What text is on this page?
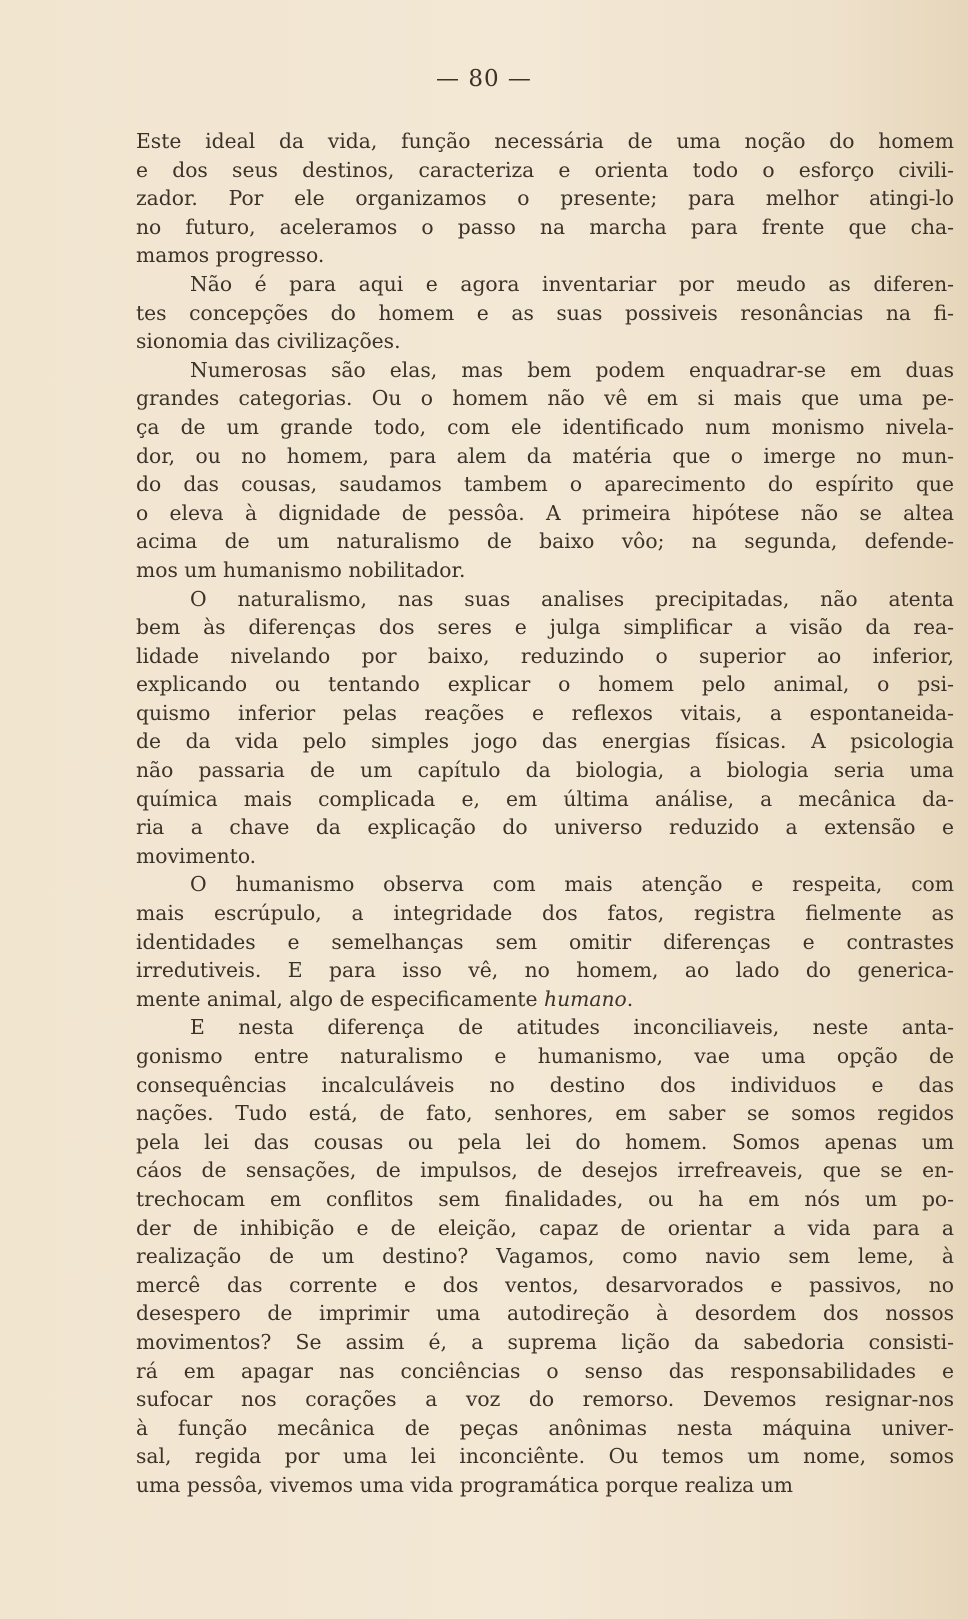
— 80 —
Este ideal da vida, função necessária de uma noção do homem
e dos seus destinos, caracteriza e orienta todo o esforço civili-
zador. Por ele organizamos o presente; para melhor atingi-lo
no futuro, aceleramos o passo na marcha para frente que cha-
mamos progresso.
Não é para aqui e agora inventariar por meudo as diferen-
tes concepções do homem e as suas possiveis resonâncias na fi-
sionomia das civilizações.
Numerosas são elas, mas bem podem enquadrar-se em duas
grandes categorias. Ou o homem não vê em si mais que uma pe-
ça de um grande todo, com ele identificado num monismo nivela-
dor, ou no homem, para alem da matéria que o imerge no mun-
do das cousas, saudamos tambem o aparecimento do espírito que
o eleva à dignidade de pessôa. A primeira hipótese não se altea
acima de um naturalismo de baixo vôo; na segunda, defende-
mos um humanismo nobilitador.
O naturalismo, nas suas analises precipitadas, não atenta
bem às diferenças dos seres e julga simplificar a visão da rea-
lidade nivelando por baixo, reduzindo o superior ao inferior,
explicando ou tentando explicar o homem pelo animal, o psi-
quismo inferior pelas reações e reflexos vitais, a espontaneida-
de da vida pelo simples jogo das energias físicas. A psicologia
não passaria de um capítulo da biologia, a biologia seria uma
química mais complicada e, em última análise, a mecânica da-
ria a chave da explicação do universo reduzido a extensão e
movimento.
O humanismo observa com mais atenção e respeita, com
mais escrúpulo, a integridade dos fatos, registra fielmente as
identidades e semelhanças sem omitir diferenças e contrastes
irredutiveis. E para isso vê, no homem, ao lado do generica-
mente animal, algo de especificamente humano.
E nesta diferença de atitudes inconciliaveis, neste anta-
gonismo entre naturalismo e humanismo, vae uma opção de
consequências incalculáveis no destino dos individuos e das
nações. Tudo está, de fato, senhores, em saber se somos regidos
pela lei das cousas ou pela lei do homem. Somos apenas um
cáos de sensações, de impulsos, de desejos irrefreaveis, que se en-
trechocam em conflitos sem finalidades, ou ha em nós um po-
der de inhibição e de eleição, capaz de orientar a vida para a
realização de um destino? Vagamos, como navio sem leme, à
mercê das corrente e dos ventos, desarvorados e passivos, no
desespero de imprimir uma autodireção à desordem dos nossos
movimentos? Se assim é, a suprema lição da sabedoria consisti-
rá em apagar nas conciências o senso das responsabilidades e
sufocar nos corações a voz do remorso. Devemos resignar-nos
à função mecânica de peças anônimas nesta máquina univer-
sal, regida por uma lei inconciênte. Ou temos um nome, somos
uma pessôa, vivemos uma vida programática porque realiza um
